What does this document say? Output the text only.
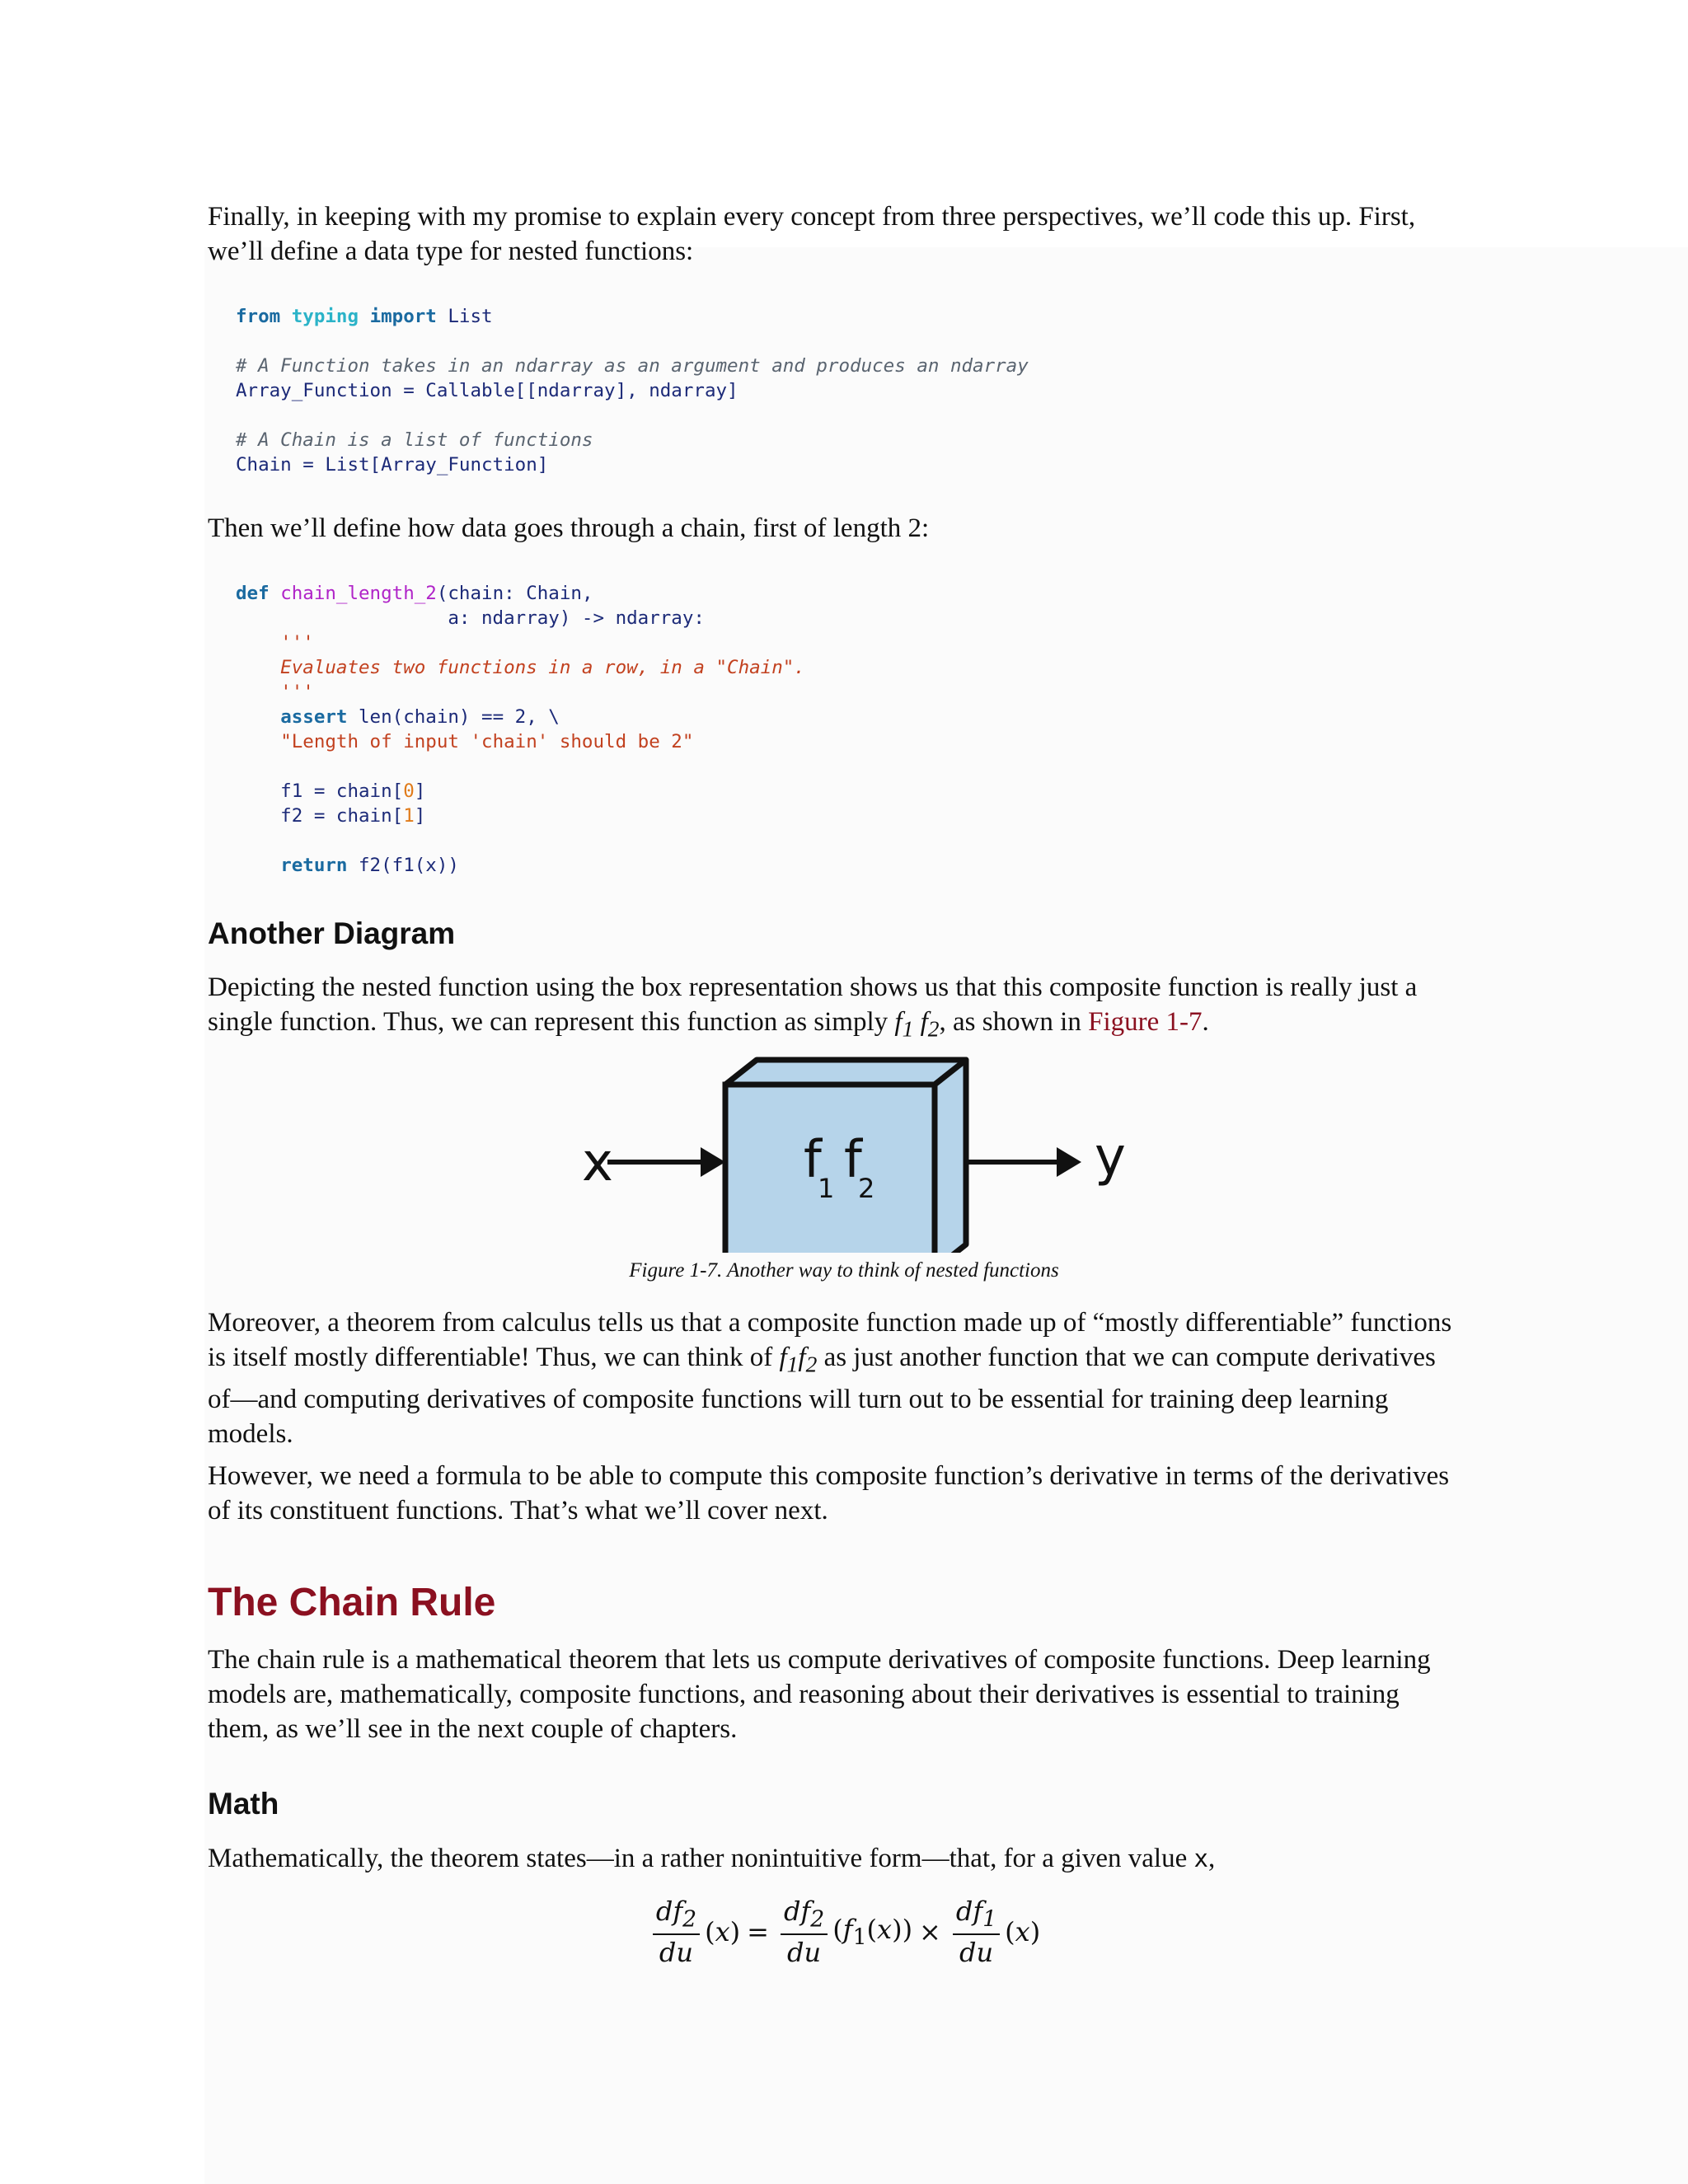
Finally, in keeping with my promise to explain every concept from three perspectives, we’ll code this up. First,
we’ll define a data type for nested functions:

from typing import List

# A Function takes in an ndarray as an argument and produces an ndarray
Array_Function = Callable[[ndarray], ndarray]

# A Chain is a list of functions
Chain = List[Array_Function]

Then we’ll define how data goes through a chain, first of length 2:

def chain_length_2(chain: Chain,
a: ndarray) -> ndarray:
'''
Evaluates two functions in a row, in a "Chain".
'''
assert len(chain) == 2, \
"Length of input 'chain' should be 2"

f1 = chain[0]
f2 = chain[1]

return f2(f1(x))
Another Diagram

Depicting the nested function using the box representation shows us that this composite function is really just a
single function. Thus, we can represent this function as simply $f_1$ $f_2$, as shown in Figure 1-7.

x	f
1 f
2
y
Figure 1-7. Another way to think of nested functions

Moreover, a theorem from calculus tells us that a composite function made up of “mostly differentiable” functions
is itself mostly differentiable! Thus, we can think of $f_1f_2$ as just another function that we can compute derivatives
of—and computing derivatives of composite functions will turn out to be essential for training deep learning
models.

However, we need a formula to be able to compute this composite function’s derivative in terms of the derivatives
of its constituent functions. That’s what we’ll cover next.

The Chain Rule

The chain rule is a mathematical theorem that lets us compute derivatives of composite functions. Deep learning
models are, mathematically, composite functions, and reasoning about their derivatives is essential to training
them, as we’ll see in the next couple of chapters.

Math

Mathematically, the theorem states—in a rather nonintuitive form—that, for a given value x,

$\frac{df_2}{du} (x) = \frac{df_2}{du} (f_1(x)) \times \frac{df_1}{du} (x)$
